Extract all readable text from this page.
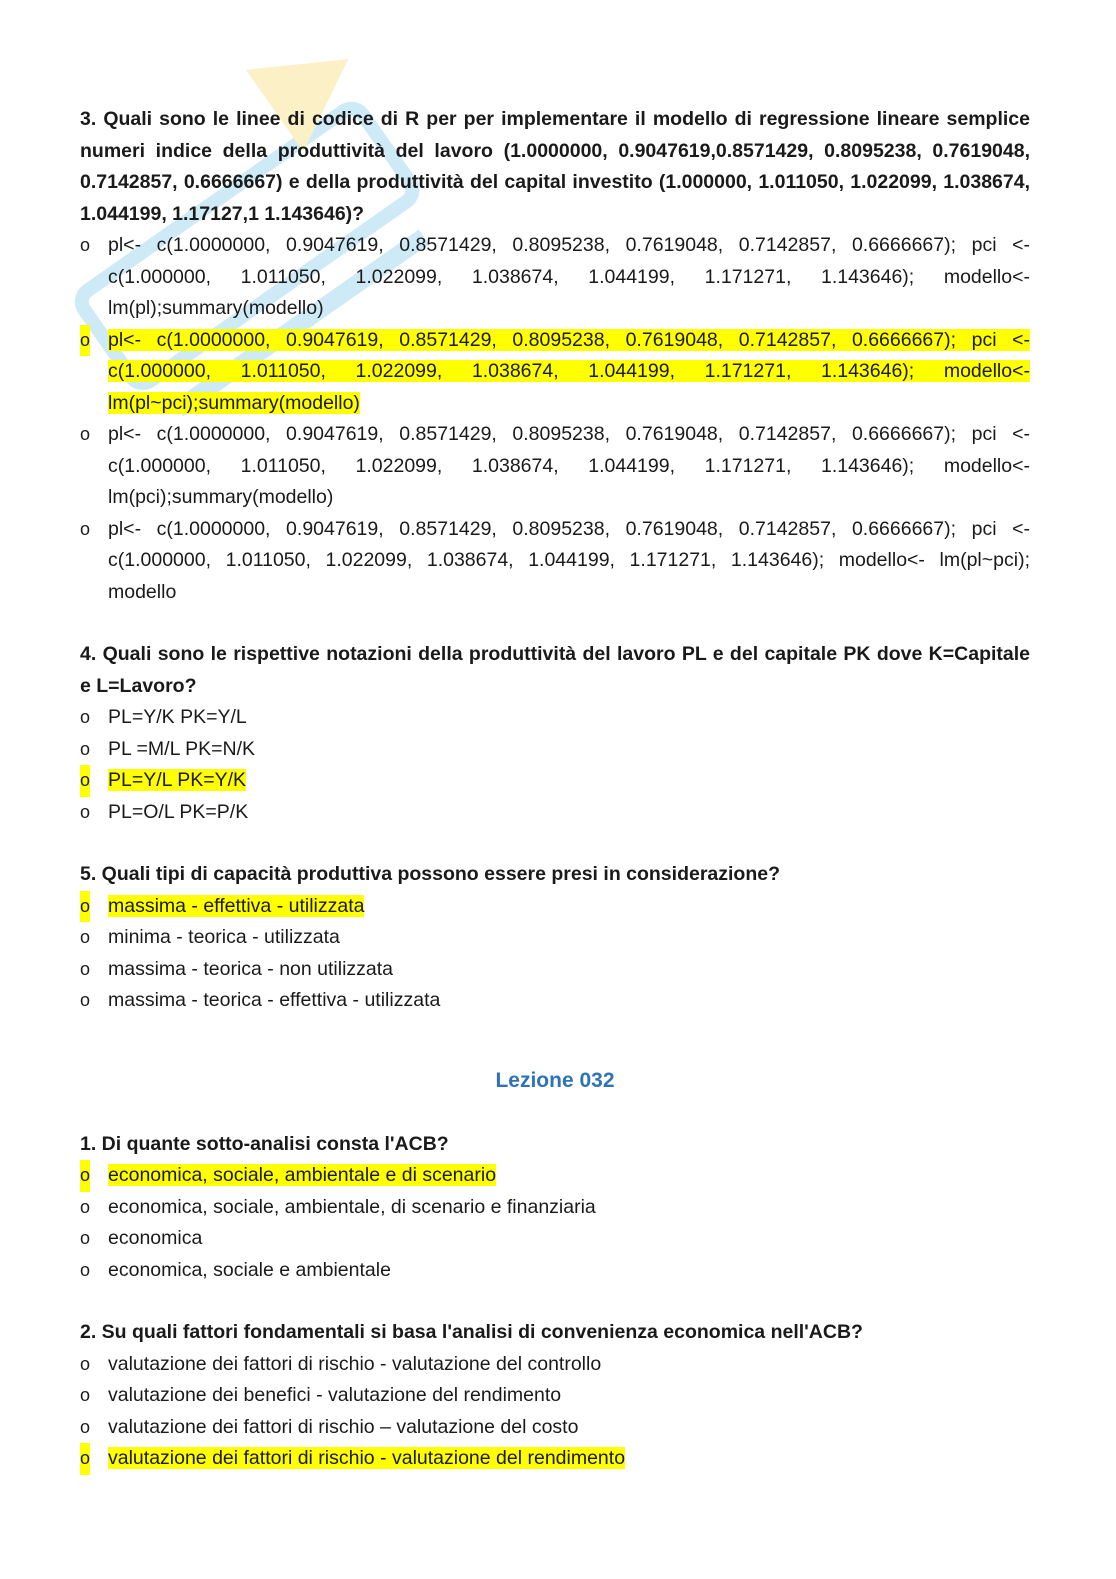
3. Quali sono le linee di codice di R per per implementare il modello di regressione lineare semplice numeri indice della produttività del lavoro (1.0000000, 0.9047619,0.8571429, 0.8095238, 0.7619048, 0.7142857, 0.6666667) e della produttività del capital investito (1.000000, 1.011050, 1.022099, 1.038674, 1.044199, 1.17127,1 1.143646)?

o pl<- c(1.0000000, 0.9047619, 0.8571429, 0.8095238, 0.7619048, 0.7142857, 0.6666667); pci <- c(1.000000, 1.011050, 1.022099, 1.038674, 1.044199, 1.171271, 1.143646); modello<- lm(pl);summary(modello)
o pl<- c(1.0000000, 0.9047619, 0.8571429, 0.8095238, 0.7619048, 0.7142857, 0.6666667); pci <- c(1.000000, 1.011050, 1.022099, 1.038674, 1.044199, 1.171271, 1.143646); modello<- lm(pl~pci);summary(modello)
o pl<- c(1.0000000, 0.9047619, 0.8571429, 0.8095238, 0.7619048, 0.7142857, 0.6666667); pci <- c(1.000000, 1.011050, 1.022099, 1.038674, 1.044199, 1.171271, 1.143646); modello<- lm(pci);summary(modello)
o pl<- c(1.0000000, 0.9047619, 0.8571429, 0.8095238, 0.7619048, 0.7142857, 0.6666667); pci <- c(1.000000, 1.011050, 1.022099, 1.038674, 1.044199, 1.171271, 1.143646); modello<- lm(pl~pci); modello

4. Quali sono le rispettive notazioni della produttività del lavoro PL e del capitale PK dove K=Capitale e L=Lavoro?

o PL=Y/K PK=Y/L
o PL =M/L PK=N/K
o PL=Y/L PK=Y/K
o PL=O/L PK=P/K

5. Quali tipi di capacità produttiva possono essere presi in considerazione?

o massima - effettiva - utilizzata
o minima - teorica - utilizzata
o massima - teorica - non utilizzata
o massima - teorica - effettiva - utilizzata
Lezione 032

1. Di quante sotto-analisi consta l'ACB?

o economica, sociale, ambientale e di scenario
o economica, sociale, ambientale, di scenario e finanziaria
o economica
o economica, sociale e ambientale

2. Su quali fattori fondamentali si basa l'analisi di convenienza economica nell'ACB?

o valutazione dei fattori di rischio - valutazione del controllo
o valutazione dei benefici - valutazione del rendimento
o valutazione dei fattori di rischio – valutazione del costo
o valutazione dei fattori di rischio - valutazione del rendimento
